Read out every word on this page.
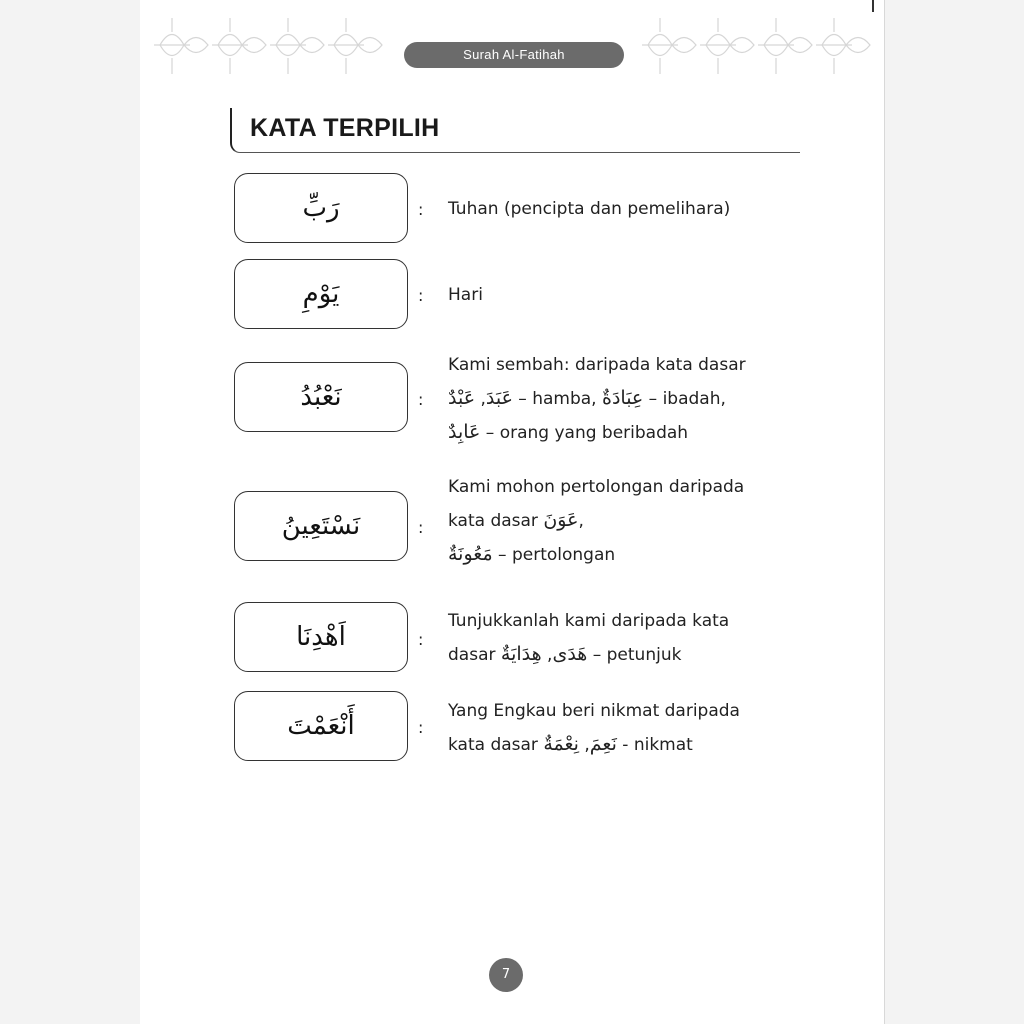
Surah Al-Fatihah
KATA TERPILIH
رَبِّ	: Tuhan (pencipta dan pemelihara)
يَوْمِ	: Hari
نَعْبُدُ	:
Kami sembah: daripada kata dasar
عَبَدَ, عَبْدٌ – hamba, عِبَادَةٌ – ibadah,
عَابِدٌ – orang yang beribadah
نَسْتَعِينُ	:
Kami mohon pertolongan daripada
kata dasar عَوَنَ,
مَعُونَةٌ – pertolongan
اَهْدِنَا	:
Tunjukkanlah kami daripada kata
dasar	هَدَى, هِدَايَةٌ	– petunjuk
أَنْعَمْتَ	:
Yang Engkau beri nikmat daripada
kata dasar نَعِمَ, نِعْمَةٌ - nikmat
7
